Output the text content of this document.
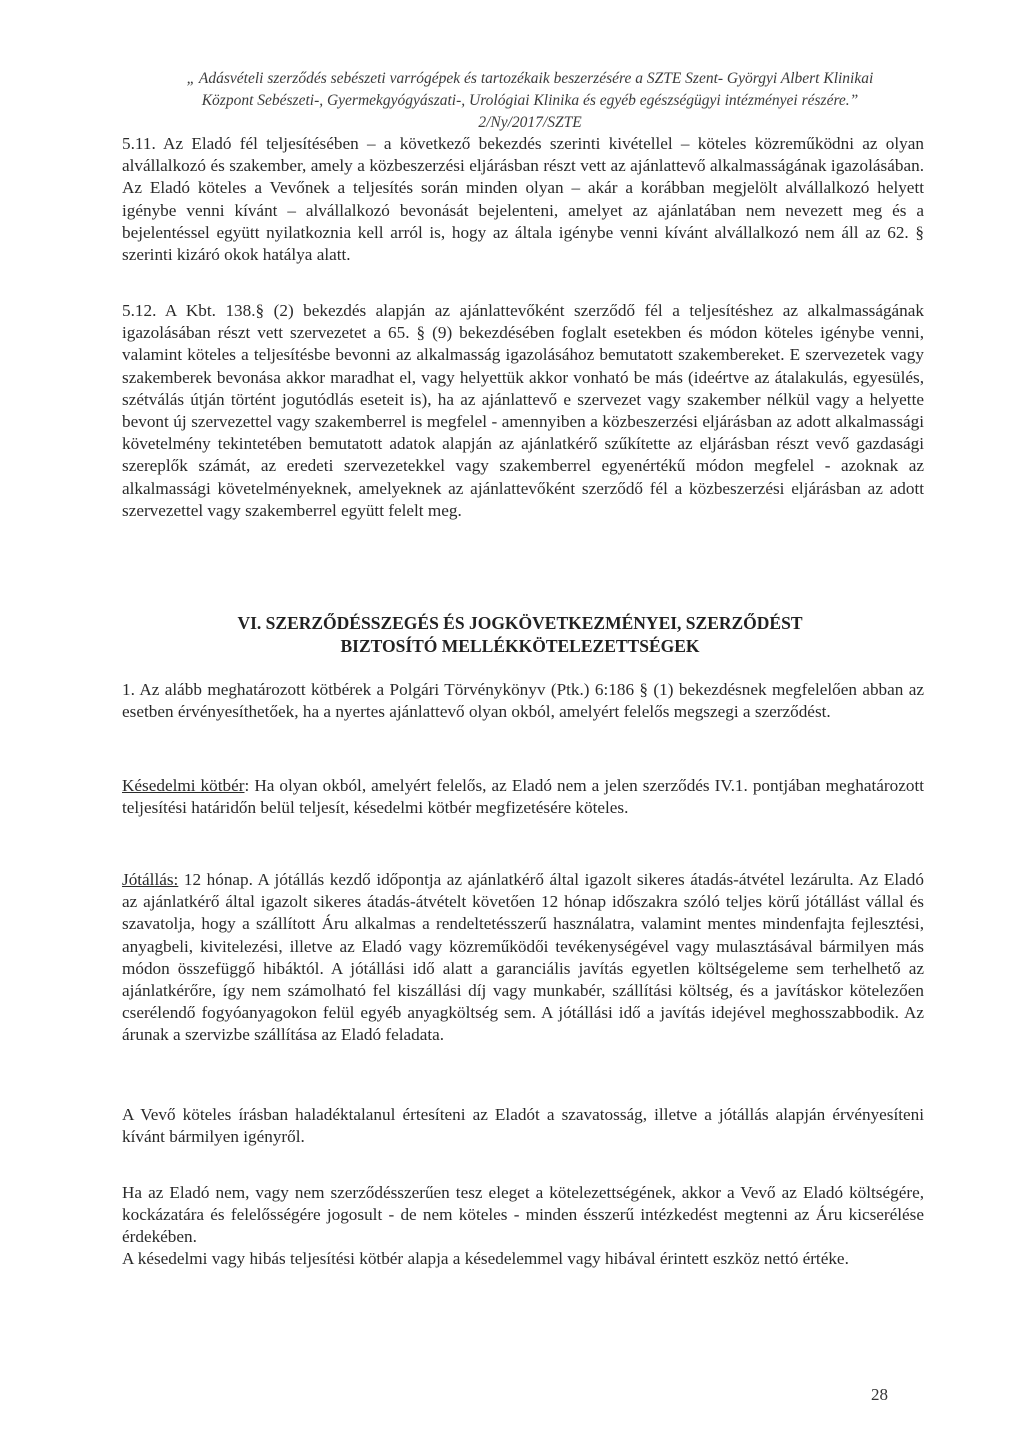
„ Adásvételi szerződés sebészeti varrógépek és tartozékaik beszerzésére a SZTE Szent- Györgyi Albert Klinikai
Központ Sebészeti-, Gyermekgyógyászati-, Urológiai Klinika és egyéb egészségügyi intézményei részére.”
2/Ny/2017/SZTE

5.11. Az Eladó fél teljesítésében – a következő bekezdés szerinti kivétellel – köteles közreműködni az olyan alvállalkozó és szakember, amely a közbeszerzési eljárásban részt vett az ajánlattevő alkalmasságának igazolásában. Az Eladó köteles a Vevőnek a teljesítés során minden olyan – akár a korábban megjelölt alvállalkozó helyett igénybe venni kívánt – alvállalkozó bevonását bejelenteni, amelyet az ajánlatában nem nevezett meg és a bejelentéssel együtt nyilatkoznia kell arról is, hogy az általa igénybe venni kívánt alvállalkozó nem áll az 62. § szerinti kizáró okok hatálya alatt.

5.12. A Kbt. 138.§ (2) bekezdés alapján az ajánlattevőként szerződő fél a teljesítéshez az alkalmasságának igazolásában részt vett szervezetet a 65. § (9) bekezdésében foglalt esetekben és módon köteles igénybe venni, valamint köteles a teljesítésbe bevonni az alkalmasság igazolásához bemutatott szakembereket. E szervezetek vagy szakemberek bevonása akkor maradhat el, vagy helyettük akkor vonható be más (ideértve az átalakulás, egyesülés, szétválás útján történt jogutódlás eseteit is), ha az ajánlattevő e szervezet vagy szakember nélkül vagy a helyette bevont új szervezettel vagy szakemberrel is megfelel - amennyiben a közbeszerzési eljárásban az adott alkalmassági követelmény tekintetében bemutatott adatok alapján az ajánlatkérő szűkítette az eljárásban részt vevő gazdasági szereplők számát, az eredeti szervezetekkel vagy szakemberrel egyenértékű módon megfelel - azoknak az alkalmassági követelményeknek, amelyeknek az ajánlattevőként szerződő fél a közbeszerzési eljárásban az adott szervezettel vagy szakemberrel együtt felelt meg.

VI. SZERZŐDÉSSZEGÉS ÉS JOGKÖVETKEZMÉNYEI, SZERZŐDÉST
BIZTOSÍTÓ MELLÉKKÖTELEZETTSÉGEK

1. Az alább meghatározott kötbérek a Polgári Törvénykönyv (Ptk.) 6:186 § (1) bekezdésnek megfelelően abban az esetben érvényesíthetőek, ha a nyertes ajánlattevő olyan okból, amelyért felelős megszegi a szerződést.

Késedelmi kötbér: Ha olyan okból, amelyért felelős, az Eladó nem a jelen szerződés IV.1. pontjában meghatározott teljesítési határidőn belül teljesít, késedelmi kötbér megfizetésére köteles.

Jótállás: 12 hónap. A jótállás kezdő időpontja az ajánlatkérő által igazolt sikeres átadás-átvétel lezárulta. Az Eladó az ajánlatkérő által igazolt sikeres átadás-átvételt követően 12 hónap időszakra szóló teljes körű jótállást vállal és szavatolja, hogy a szállított Áru alkalmas a rendeltetésszerű használatra, valamint mentes mindenfajta fejlesztési, anyagbeli, kivitelezési, illetve az Eladó vagy közreműködői tevékenységével vagy mulasztásával bármilyen más módon összefüggő hibáktól. A jótállási idő alatt a garanciális javítás egyetlen költségeleme sem terhelhető az ajánlatkérőre, így nem számolható fel kiszállási díj vagy munkabér, szállítási költség, és a javításkor kötelezően cserélendő fogyóanyagokon felül egyéb anyagköltség sem. A jótállási idő a javítás idejével meghosszabbodik. Az árunak a szervizbe szállítása az Eladó feladata.

A Vevő köteles írásban haladéktalanul értesíteni az Eladót a szavatosság, illetve a jótállás alapján érvényesíteni kívánt bármilyen igényről.

Ha az Eladó nem, vagy nem szerződésszerűen tesz eleget a kötelezettségének, akkor a Vevő az Eladó költségére, kockázatára és felelősségére jogosult - de nem köteles - minden ésszerű intézkedést megtenni az Áru kicserélése érdekében.

A késedelmi vagy hibás teljesítési kötbér alapja a késedelemmel vagy hibával érintett eszköz nettó értéke.

28
